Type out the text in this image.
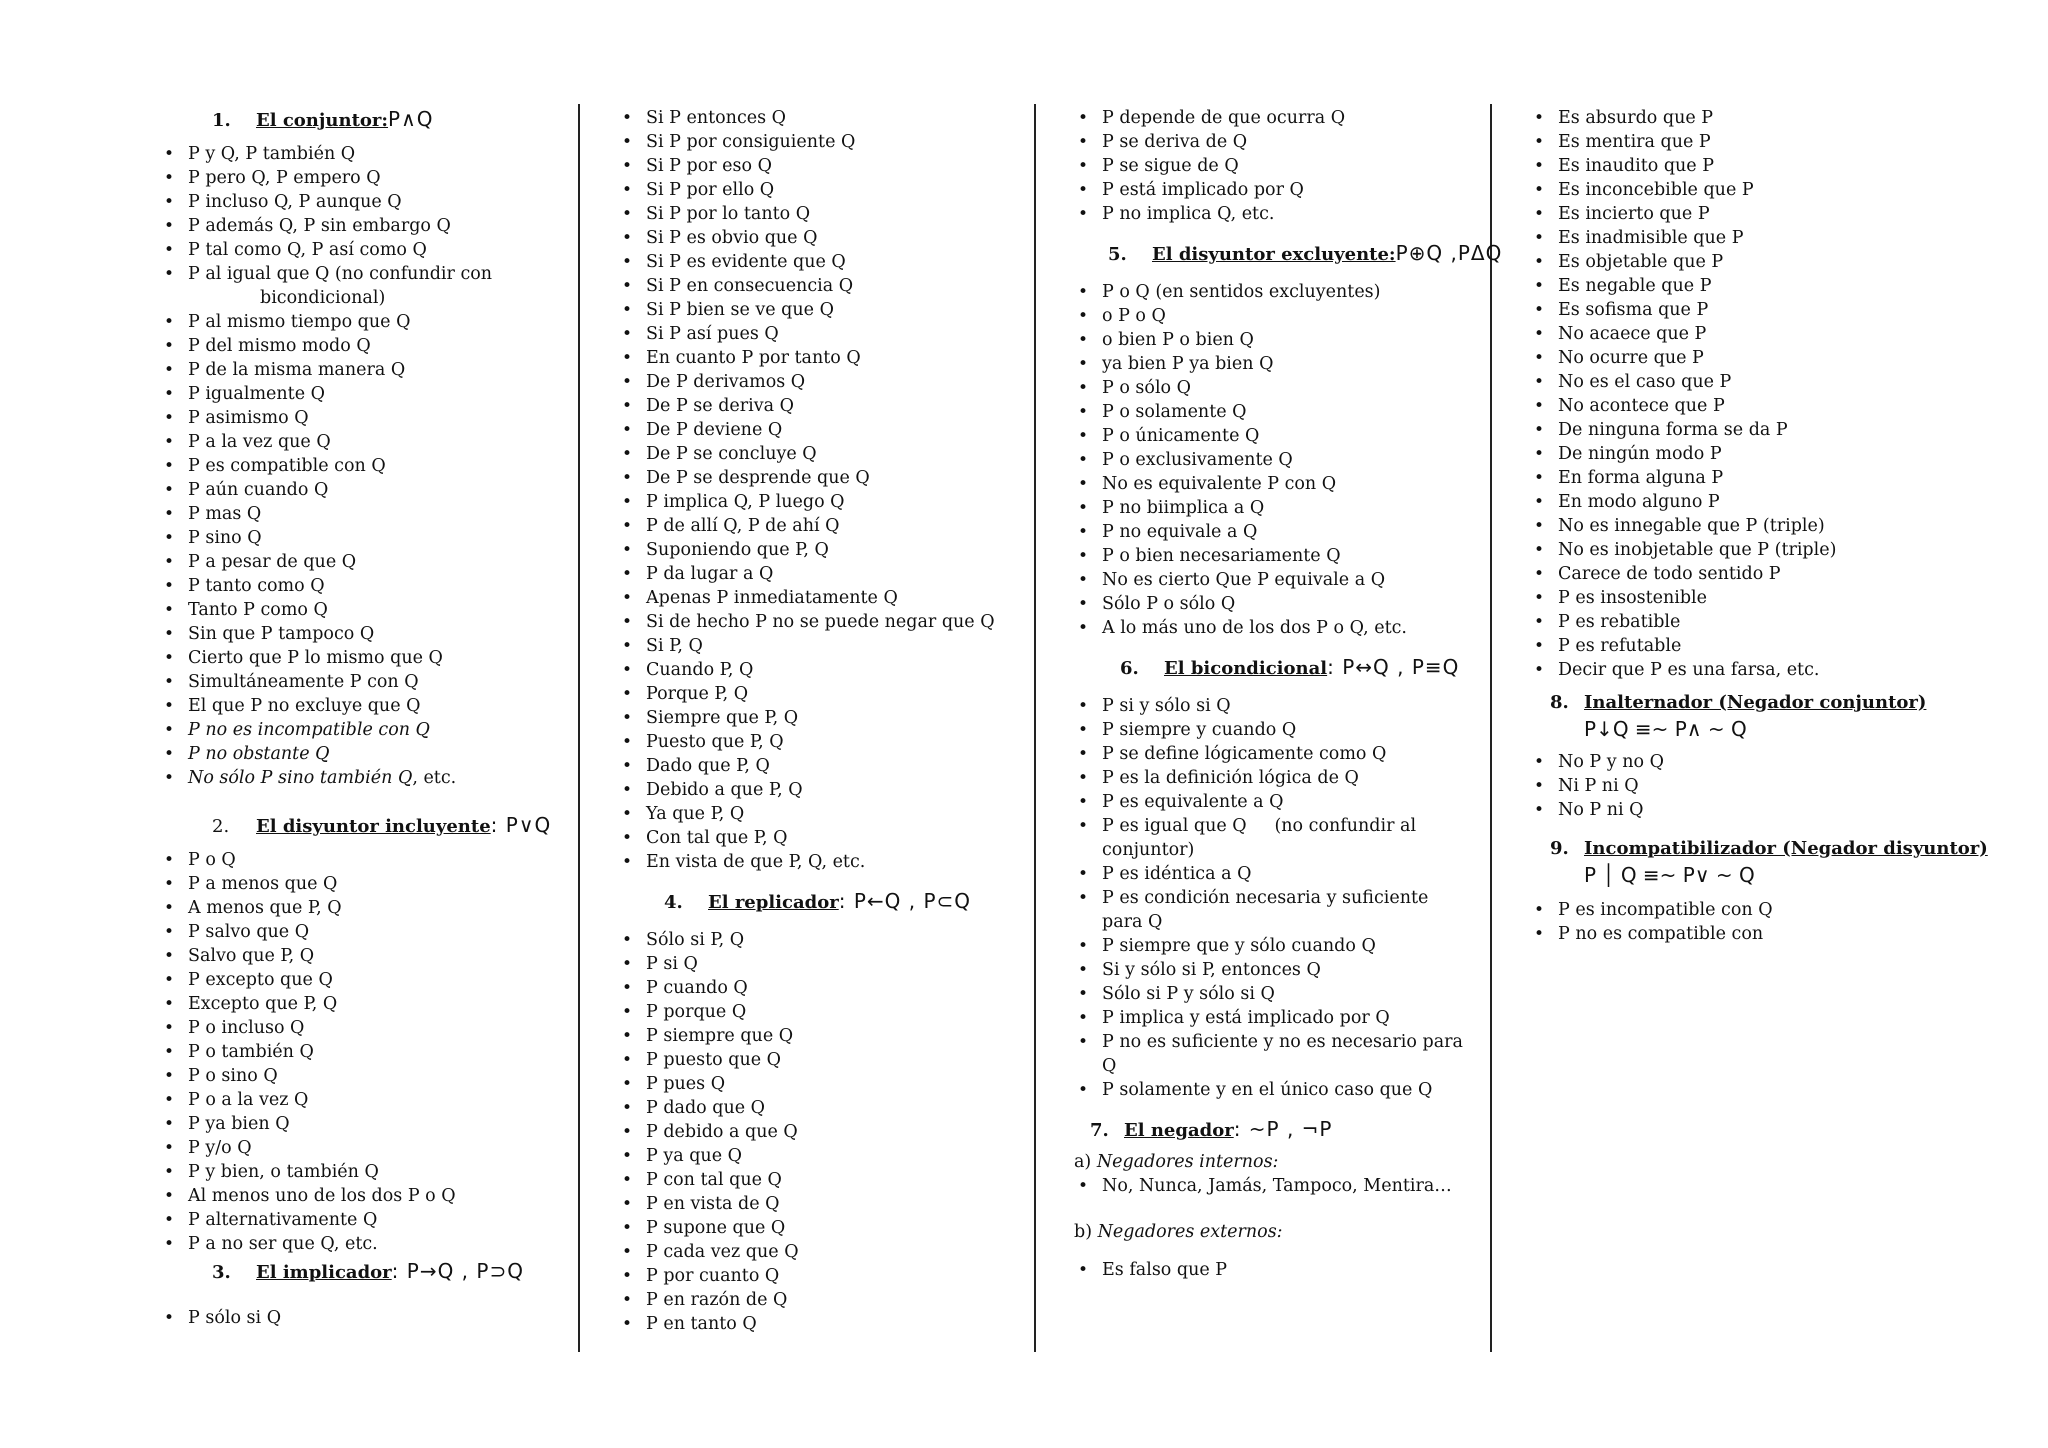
1. El conjuntor:P∧Q
• P y Q, P también Q
• P pero Q, P empero Q
• P incluso Q, P aunque Q
• P además Q, P sin embargo Q
• P tal como Q, P así como Q
• P al igual que Q (no confundir con
bicondicional)
• P al mismo tiempo que Q
• P del mismo modo Q
• P de la misma manera Q
• P igualmente Q
• P asimismo Q
• P a la vez que Q
• P es compatible con Q
• P aún cuando Q
• P mas Q
• P sino Q
• P a pesar de que Q
• P tanto como Q
• Tanto P como Q
• Sin que P tampoco Q
• Cierto que P lo mismo que Q
• Simultáneamente P con Q
• El que P no excluye que Q
• P no es incompatible con Q
• P no obstante Q
• No sólo P sino también Q, etc.
2. El disyuntor incluyente: P∨Q
• P o Q
• P a menos que Q
• A menos que P, Q
• P salvo que Q
• Salvo que P, Q
• P excepto que Q
• Excepto que P, Q
• P o incluso Q
• P o también Q
• P o sino Q
• P o a la vez Q
• P ya bien Q
• P y/o Q
• P y bien, o también Q
• Al menos uno de los dos P o Q
• P alternativamente Q
• P a no ser que Q, etc.
3. El implicador: P→Q , P⊃Q
• P sólo si Q
• Si P entonces Q
• Si P por consiguiente Q
• Si P por eso Q
• Si P por ello Q
• Si P por lo tanto Q
• Si P es obvio que Q
• Si P es evidente que Q
• Si P en consecuencia Q
• Si P bien se ve que Q
• Si P así pues Q
• En cuanto P por tanto Q
• De P derivamos Q
• De P se deriva Q
• De P deviene Q
• De P se concluye Q
• De P se desprende que Q
• P implica Q, P luego Q
• P de allí Q, P de ahí Q
• Suponiendo que P, Q
• P da lugar a Q
• Apenas P inmediatamente Q
• Si de hecho P no se puede negar que Q
• Si P, Q
• Cuando P, Q
• Porque P, Q
• Siempre que P, Q
• Puesto que P, Q
• Dado que P, Q
• Debido a que P, Q
• Ya que P, Q
• Con tal que P, Q
• En vista de que P, Q, etc.
4. El replicador: P←Q , P⊂Q
• Sólo si P, Q
• P si Q
• P cuando Q
• P porque Q
• P siempre que Q
• P puesto que Q
• P pues Q
• P dado que Q
• P debido a que Q
• P ya que Q
• P con tal que Q
• P en vista de Q
• P supone que Q
• P cada vez que Q
• P por cuanto Q
• P en razón de Q
• P en tanto Q
• P depende de que ocurra Q
• P se deriva de Q
• P se sigue de Q
• P está implicado por Q
• P no implica Q, etc.
5. El disyuntor excluyente:P⊕Q ,PΔQ
• P o Q (en sentidos excluyentes)
• o P o Q
• o bien P o bien Q
• ya bien P ya bien Q
• P o sólo Q
• P o solamente Q
• P o únicamente Q
• P o exclusivamente Q
• No es equivalente P con Q
• P no biimplica a Q
• P no equivale a Q
• P o bien necesariamente Q
• No es cierto Que P equivale a Q
• Sólo P o sólo Q
• A lo más uno de los dos P o Q, etc.
6. El bicondicional: P↔Q , P≡Q
• P si y sólo si Q
• P siempre y cuando Q
• P se define lógicamente como Q
• P es la definición lógica de Q
• P es equivalente a Q
• P es igual que Q     (no confundir al
conjuntor)
• P es idéntica a Q
• P es condición necesaria y suficiente
para Q
• P siempre que y sólo cuando Q
• Si y sólo si P, entonces Q
• Sólo si P y sólo si Q
• P implica y está implicado por Q
• P no es suficiente y no es necesario para
Q
• P solamente y en el único caso que Q
7. El negador: ~P , ¬P
a) Negadores internos:
• No, Nunca, Jamás, Tampoco, Mentira…
b) Negadores externos:
• Es falso que P
• Es absurdo que P
• Es mentira que P
• Es inaudito que P
• Es inconcebible que P
• Es incierto que P
• Es inadmisible que P
• Es objetable que P
• Es negable que P
• Es sofisma que P
• No acaece que P
• No ocurre que P
• No es el caso que P
• No acontece que P
• De ninguna forma se da P
• De ningún modo P
• En forma alguna P
• En modo alguno P
• No es innegable que P (triple)
• No es inobjetable que P (triple)
• Carece de todo sentido P
• P es insostenible
• P es rebatible
• P es refutable
• Decir que P es una farsa, etc.
8. Inalternador (Negador conjuntor)
P↓Q ≡~ P∧ ~ Q
• No P y no Q
• Ni P ni Q
• No P ni Q
9. Incompatibilizador (Negador disyuntor)
P │ Q ≡~ P∨ ~ Q
• P es incompatible con Q
• P no es compatible con
